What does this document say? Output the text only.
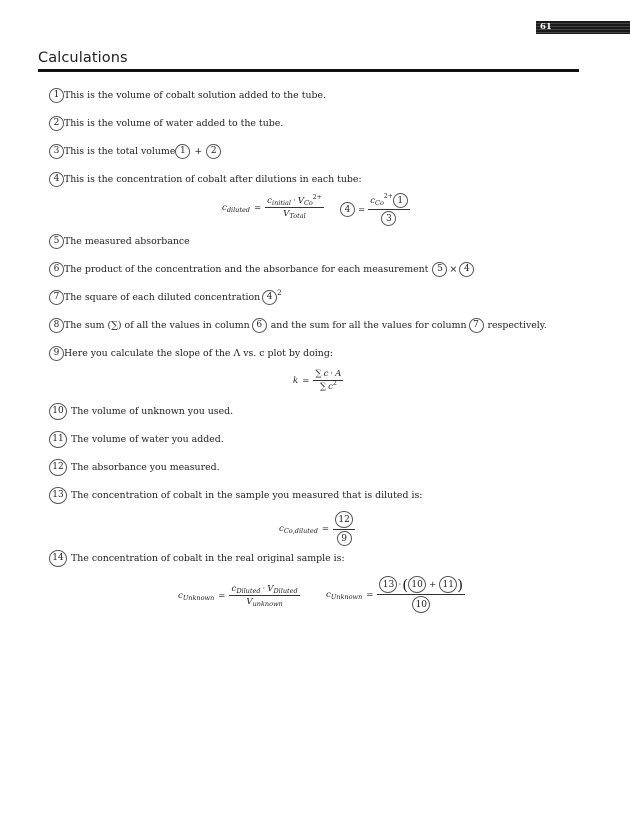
61
Calculations
1 This is the volume of cobalt solution added to the tube.
2 This is the volume of water added to the tube.
3 This is the total volume 1 + 2
4 This is the concentration of cobalt after dilutions in each tube:
$c_{diluted} = c$ initial · V Co
2+
V Total	4 = c Co
2+ 1
3
5 The measured absorbance
6 The product of the concentration and the absorbance for each measurement 5 × 4
7 The square of each diluted concentration 4 2
8 The sum ( ∑ ) of all the values in column 6 and the sum for all the values for column 7 respectively.
9 Here you calculate the slope of the Λ vs. c plot by doing:
$k = \frac{\sum c \cdot A}{\sum c 2}$
10 The volume of unknown you used.
11 The volume of water you added.
12 The absorbance you measured.
13 The concentration of cobalt in the sample you measured that is diluted is:
$c_{Co,diluted} = \frac{12}{9}$
14 The concentration of cobalt in the real original sample is:
$c_{Unknown} = \frac{\text{c Diluted · V Diluted}}{\text{V unknown}}$	$c_{Unknown} = \frac{13 \cdot ( 10 + 11 )}{10}$
